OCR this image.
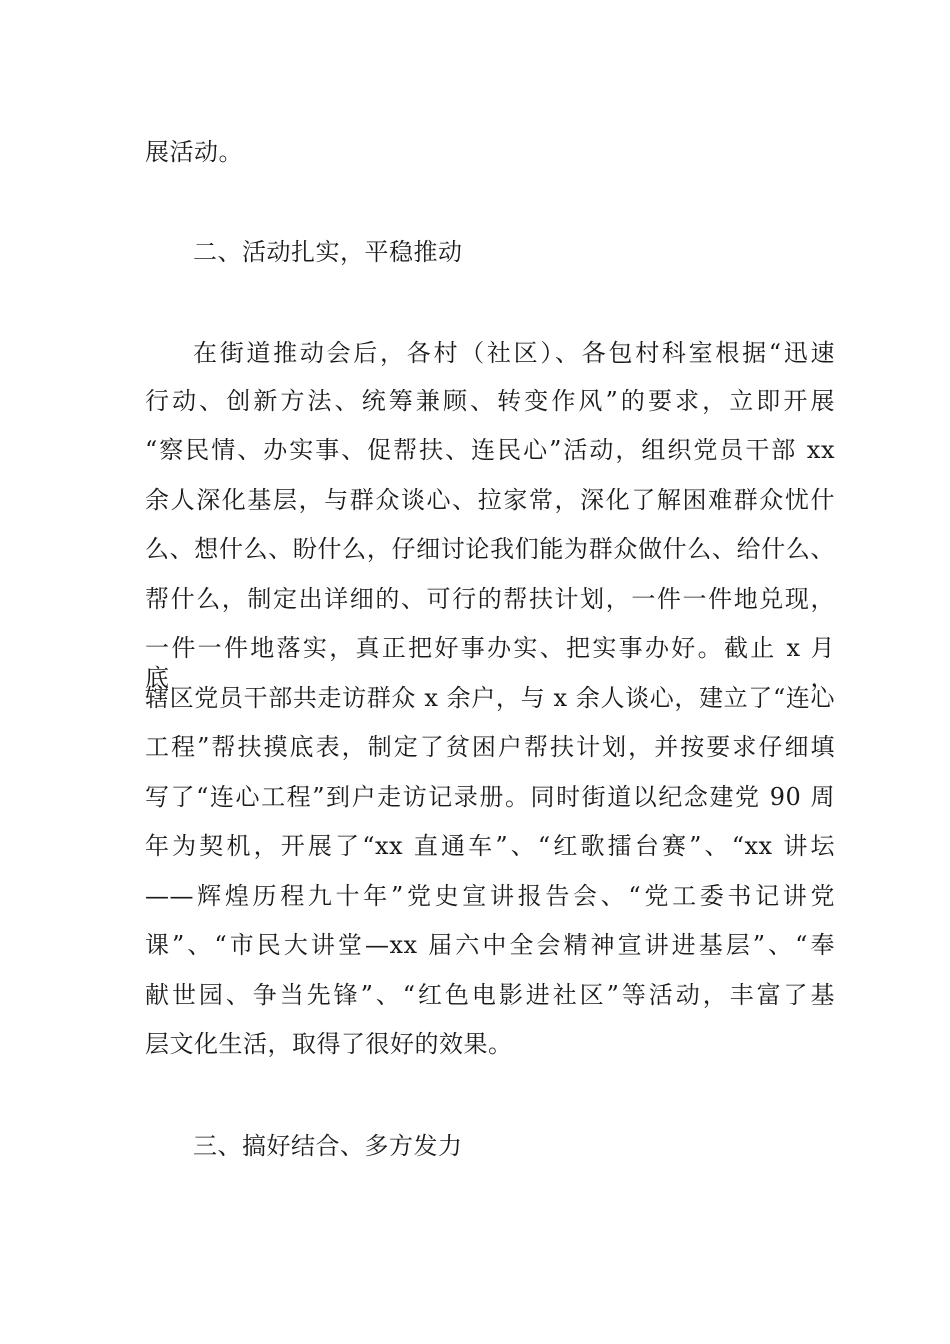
展活动。
二、活动扎实，平稳推动
在街道推动会后，各村（社区）、各包村科室根据“迅速
行动、创新方法、统筹兼顾、转变作风”的要求，立即开展
“察民情、办实事、促帮扶、连民心”活动，组织党员干部 xx
余人深化基层，与群众谈心、拉家常，深化了解困难群众忧什
么、想什么、盼什么，仔细讨论我们能为群众做什么、给什么、
帮什么，制定出详细的、可行的帮扶计划，一件一件地兑现，
一件一件地落实，真正把好事办实、把实事办好。截止 x 月底，
辖区党员干部共走访群众 x 余户，与 x 余人谈心，建立了“连心
工程”帮扶摸底表，制定了贫困户帮扶计划，并按要求仔细填
写了“连心工程”到户走访记录册。同时街道以纪念建党 90 周
年为契机，开展了“xx 直通车”、“红歌擂台赛”、“xx 讲坛
——辉煌历程九十年”党史宣讲报告会、“党工委书记讲党
课”、“市民大讲堂—xx 届六中全会精神宣讲进基层”、“奉
献世园、争当先锋”、“红色电影进社区”等活动，丰富了基
层文化生活，取得了很好的效果。
三、搞好结合、多方发力
